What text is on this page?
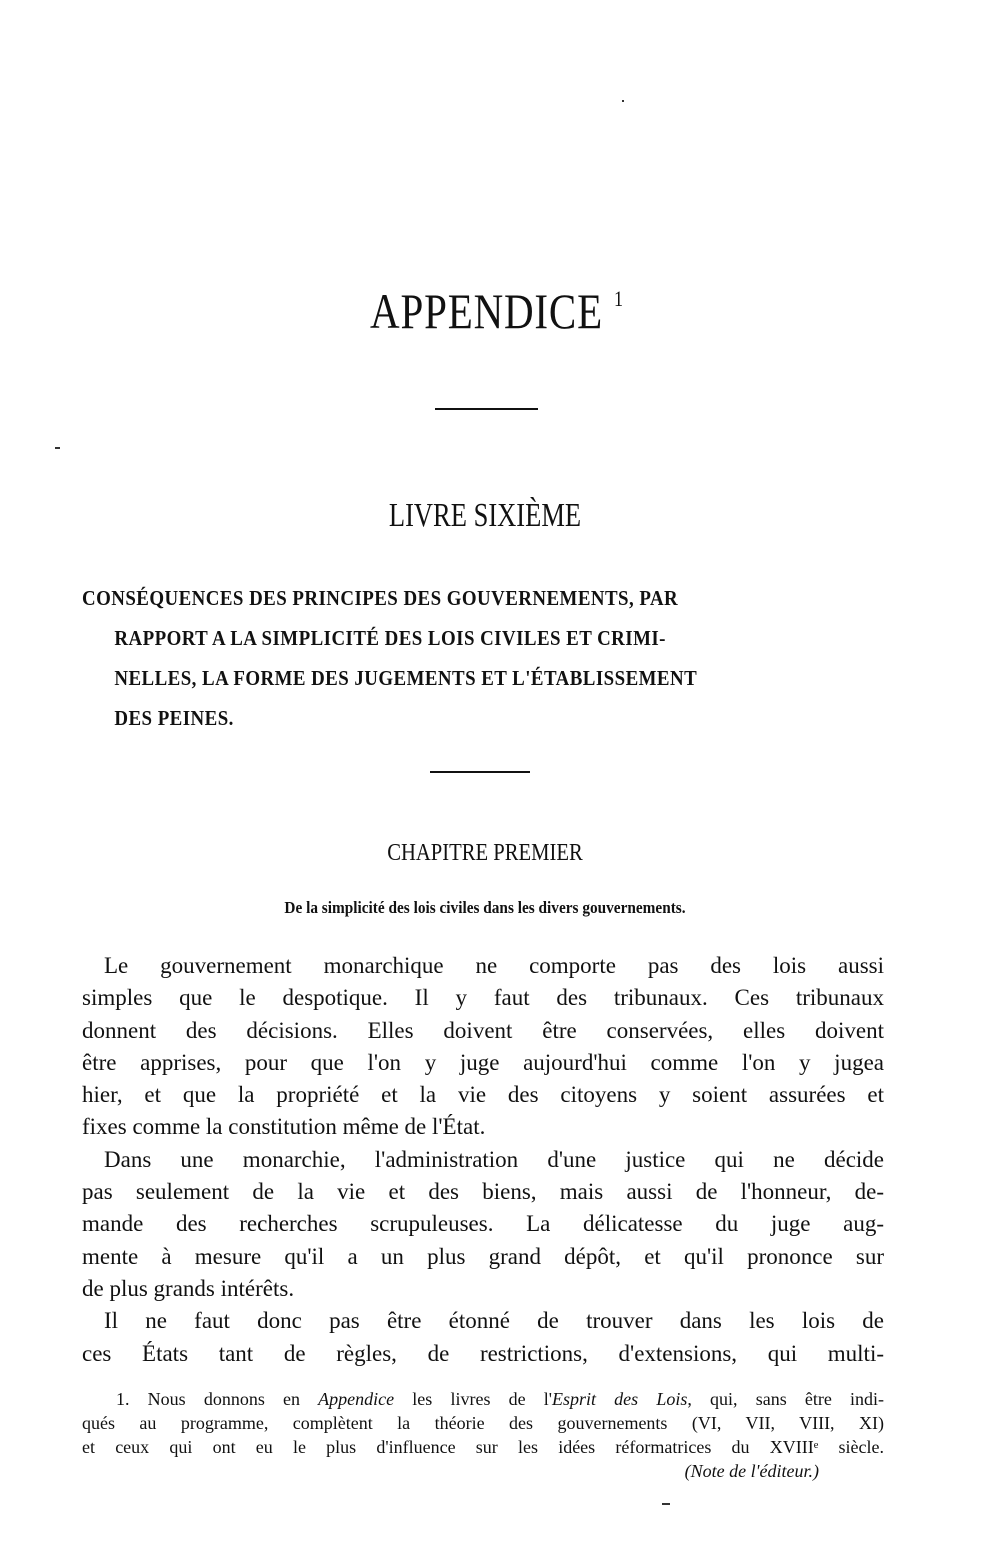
APPENDICE $^1$
LIVRE SIXIÈME
CONSÉQUENCES DES PRINCIPES DES GOUVERNEMENTS, PAR
RAPPORT A LA SIMPLICITÉ DES LOIS CIVILES ET CRIMI-
NELLES, LA FORME DES JUGEMENTS ET L'ÉTABLISSEMENT
DES PEINES.
CHAPITRE PREMIER
De la simplicité des lois civiles dans les divers gouvernements.
Le gouvernement monarchique ne comporte pas des lois aussi
simples que le despotique. Il y faut des tribunaux. Ces tribunaux
donnent des décisions. Elles doivent être conservées, elles doivent
être apprises, pour que l'on y juge aujourd'hui comme l'on y jugea
hier, et que la propriété et la vie des citoyens y soient assurées et
fixes comme la constitution même de l'État.
Dans une monarchie, l'administration d'une justice qui ne décide
pas seulement de la vie et des biens, mais aussi de l'honneur, de-
mande des recherches scrupuleuses. La délicatesse du juge aug-
mente à mesure qu'il a un plus grand dépôt, et qu'il prononce sur
de plus grands intérêts.
Il ne faut donc pas être étonné de trouver dans les lois de
ces États tant de règles, de restrictions, d'extensions, qui multi-
1. Nous donnons en Appendice les livres de l'Esprit des Lois, qui, sans être indi-
qués au programme, complètent la théorie des gouvernements (VI, VII, VIII, XI)
et ceux qui ont eu le plus d'influence sur les idées réformatrices du XVIIIᵉ siècle.
(Note de l'éditeur.)
